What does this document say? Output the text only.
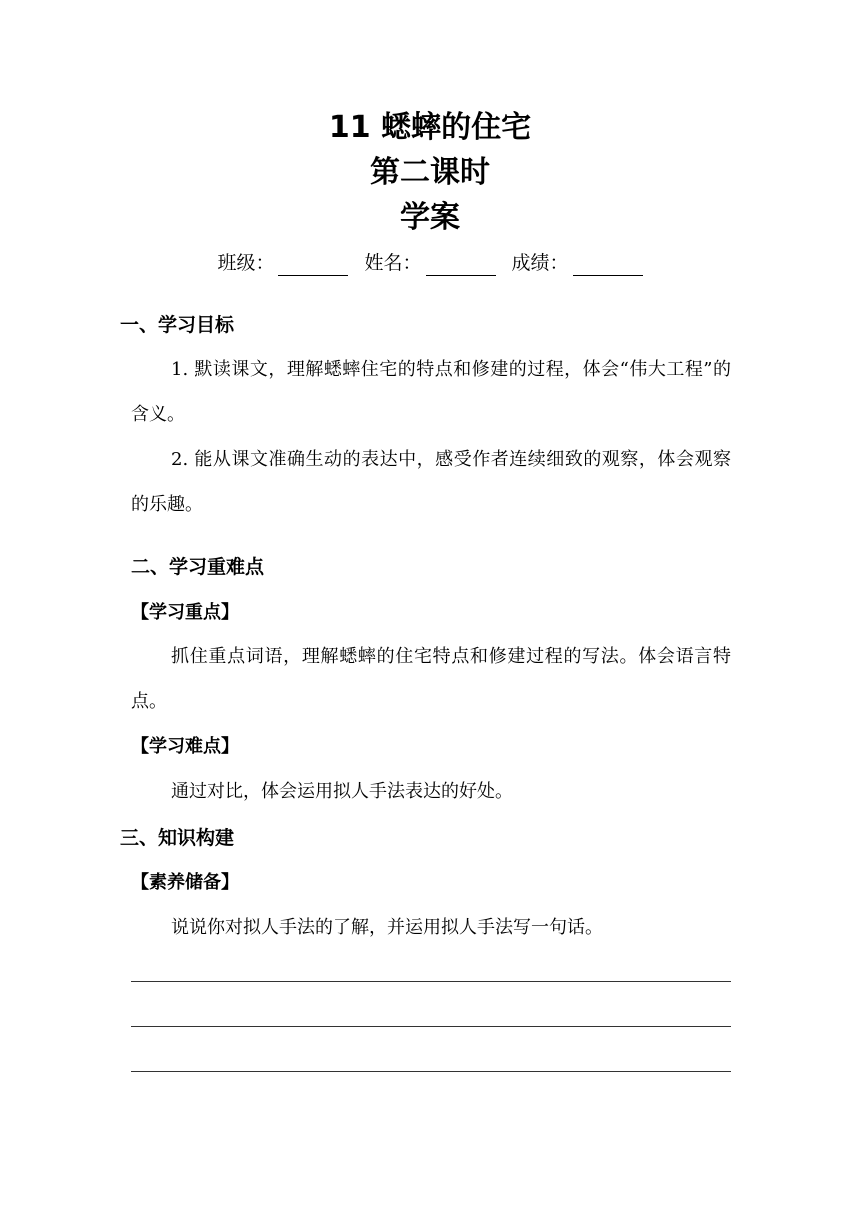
11 蟋蟀的住宅
第二课时
学案
班级：	姓名：	成绩：
一、学习目标
1. 默读课文，理解蟋蟀住宅的特点和修建的过程，体会“伟大工程”的含义。
2. 能从课文准确生动的表达中，感受作者连续细致的观察，体会观察的乐趣。
二、学习重难点
【学习重点】
抓住重点词语，理解蟋蟀的住宅特点和修建过程的写法。体会语言特点。
【学习难点】
通过对比，体会运用拟人手法表达的好处。
三、知识构建
【素养储备】
说说你对拟人手法的了解，并运用拟人手法写一句话。
